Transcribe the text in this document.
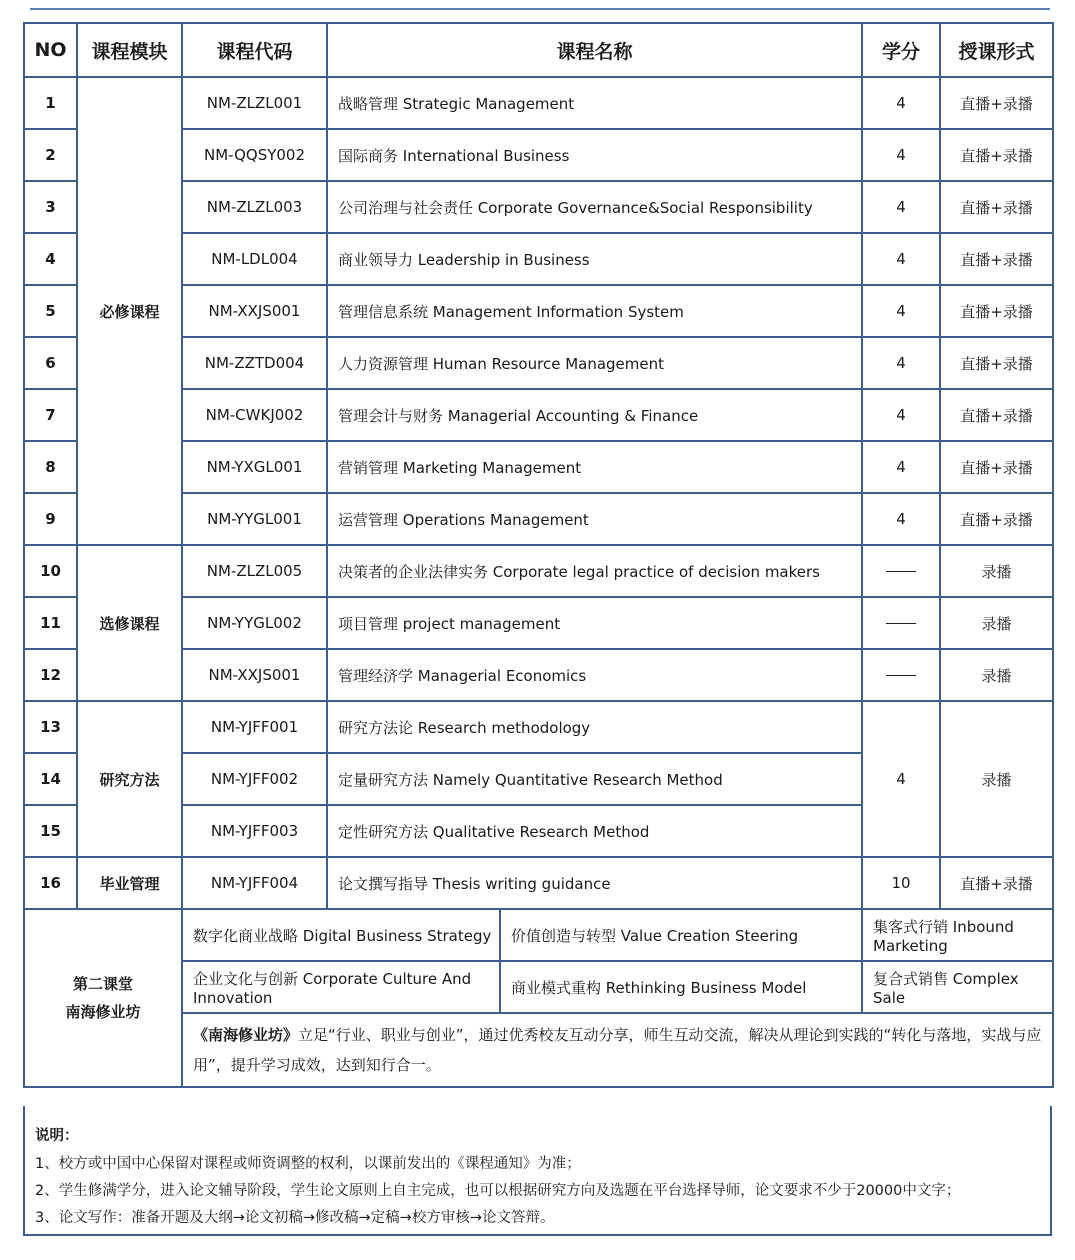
NO	课程模块	课程代码	课程名称		学分	授课形式
1	必修课程	NM-ZLZL001	战略管理 Strategic Management		4	直播+录播
2		NM-QQSY002	国际商务 International Business		4	直播+录播
3		NM-ZLZL003	公司治理与社会责任 Corporate Governance&Social Responsibility		4	直播+录播
4		NM-LDL004	商业领导力 Leadership in Business		4	直播+录播
5		NM-XXJS001	管理信息系统 Management Information System		4	直播+录播
6		NM-ZZTD004	人力资源管理 Human Resource Management		4	直播+录播
7		NM-CWKJ002	管理会计与财务 Managerial Accounting & Finance		4	直播+录播
8		NM-YXGL001	营销管理 Marketing Management		4	直播+录播
9		NM-YYGL001	运营管理 Operations Management		4	直播+录播
10	选修课程	NM-ZLZL005	决策者的企业法律实务 Corporate legal practice of decision makers			录播
11		NM-YYGL002	项目管理 project management			录播
12		NM-XXJS001	管理经济学 Managerial Economics			录播
13	研究方法	NM-YJFF001	研究方法论 Research methodology		4	录播
14		NM-YJFF002	定量研究方法 Namely Quantitative Research Method			
15		NM-YJFF003	定性研究方法 Qualitative Research Method			
16	毕业管理	NM-YJFF004	论文撰写指导 Thesis writing guidance		10	直播+录播

第二课堂
南海修业坊		数字化商业战略 Digital Business Strategy		价值创造与转型 Value Creation Steering	集客式行销 Inbound Marketing	
		企业文化与创新 Corporate Culture And Innovation		商业模式重构 Rethinking Business Model	复合式销售 Complex Sale	
		《南海修业坊》立足“行业、职业与创业”，通过优秀校友互动分享，师生互动交流，解决从理论到实践的“转化与落地，实战与应用”，提升学习成效，达到知行合一。				
说明：
1、校方或中国中心保留对课程或师资调整的权利，以课前发出的《课程通知》为准；
2、学生修满学分，进入论文辅导阶段，学生论文原则上自主完成，也可以根据研究方向及选题在平台选择导师，论文要求不少于20000中文字；
3、论文写作：准备开题及大纲→论文初稿→修改稿→定稿→校方审核→论文答辩。
